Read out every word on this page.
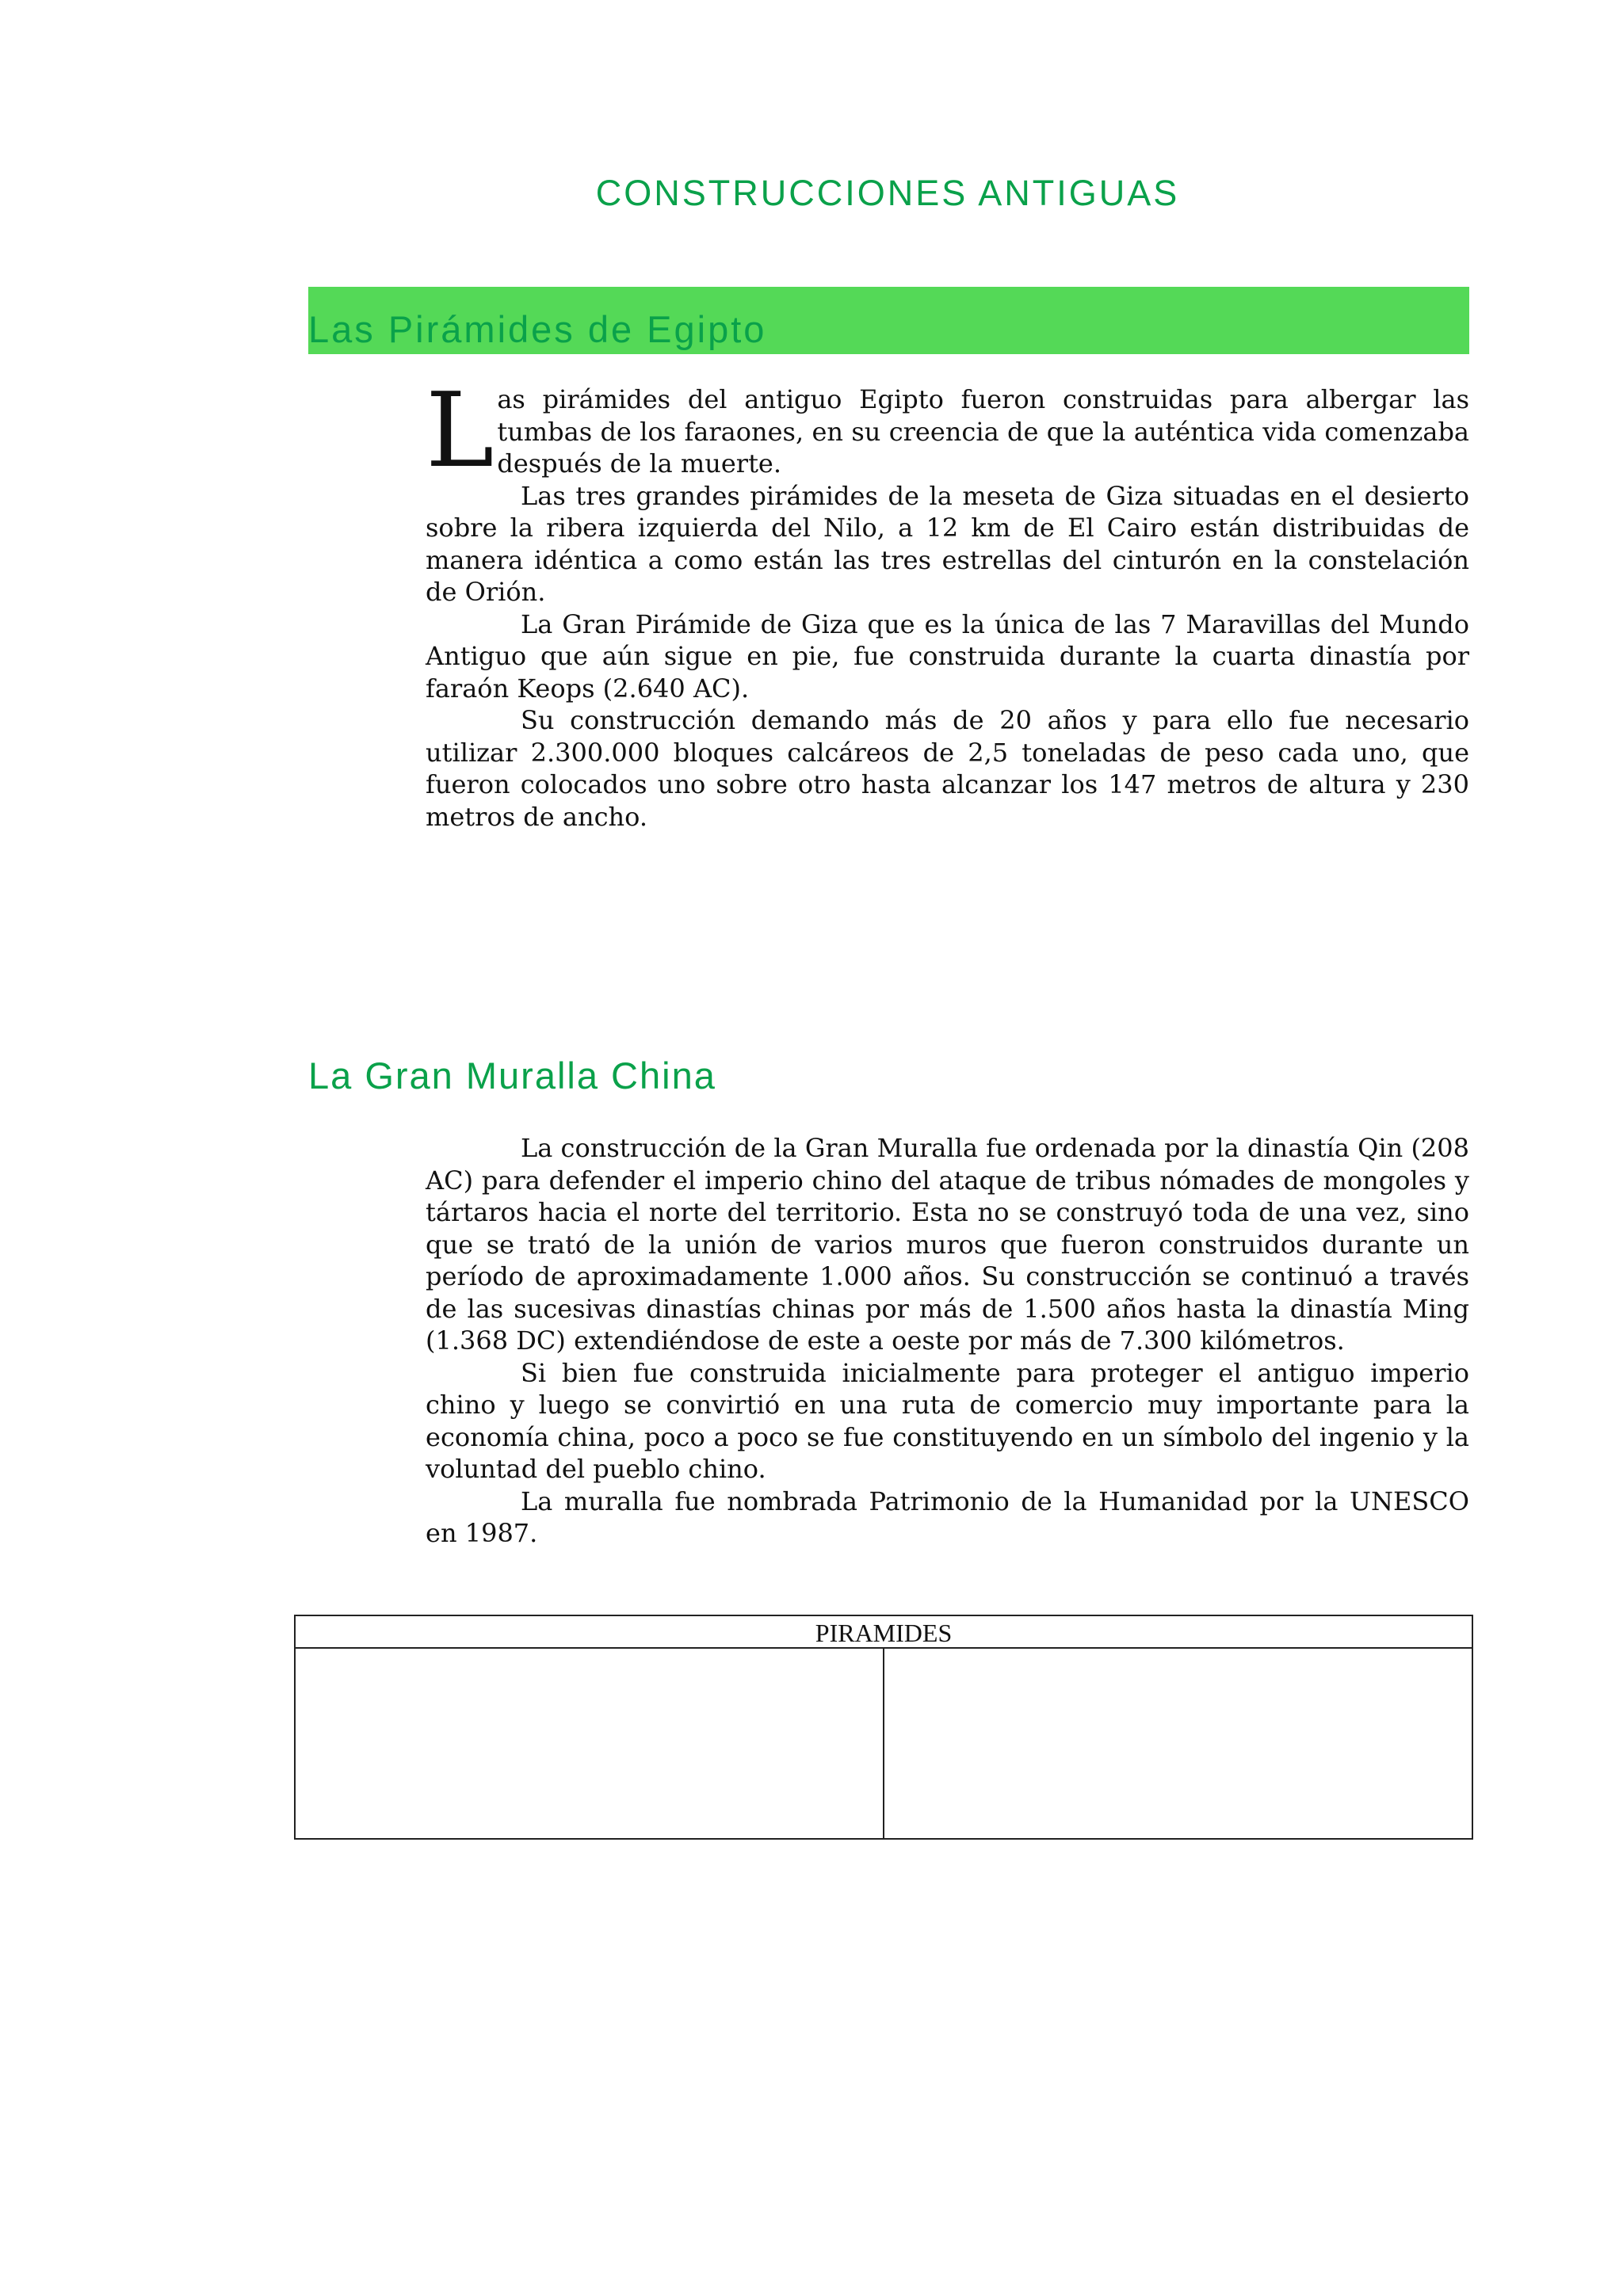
CONSTRUCCIONES ANTIGUAS
Las Pirámides de Egipto

Las pirámides del antiguo Egipto fueron construidas para albergar las tumbas de los faraones, en su creencia de que la auténtica vida comenzaba después de la muerte.

Las tres grandes pirámides de la meseta de Giza situadas en el desierto sobre la ribera izquierda del Nilo, a 12 km de El Cairo están distribuidas de manera idéntica a como están las tres estrellas del cinturón en la constelación de Orión.

La Gran Pirámide de Giza que es la única de las 7 Maravillas del Mundo Antiguo que aún sigue en pie, fue construida durante la cuarta dinastía por faraón Keops (2.640 AC).

Su construcción demando más de 20 años y para ello fue necesario utilizar 2.300.000 bloques calcáreos de 2,5 toneladas de peso cada uno, que fueron colocados uno sobre otro hasta alcanzar los 147 metros de altura y 230 metros de ancho.

La Gran Muralla China

La construcción de la Gran Muralla fue ordenada por la dinastía Qin (208 AC) para defender el imperio chino del ataque de tribus nómades de mongoles y tártaros hacia el norte del territorio. Esta no se construyó toda de una vez, sino que se trató de la unión de varios muros que fueron construidos durante un período de aproximadamente 1.000 años. Su construcción se continuó a través de las sucesivas dinastías chinas por más de 1.500 años hasta la dinastía Ming (1.368 DC) extendiéndose de este a oeste por más de 7.300 kilómetros.

Si bien fue construida inicialmente para proteger el antiguo imperio chino y luego se convirtió en una ruta de comercio muy importante para la economía china, poco a poco se fue constituyendo en un símbolo del ingenio y la voluntad del pueblo chino.

La muralla fue nombrada Patrimonio de la Humanidad por la UNESCO en 1987.

PIRAMIDES
